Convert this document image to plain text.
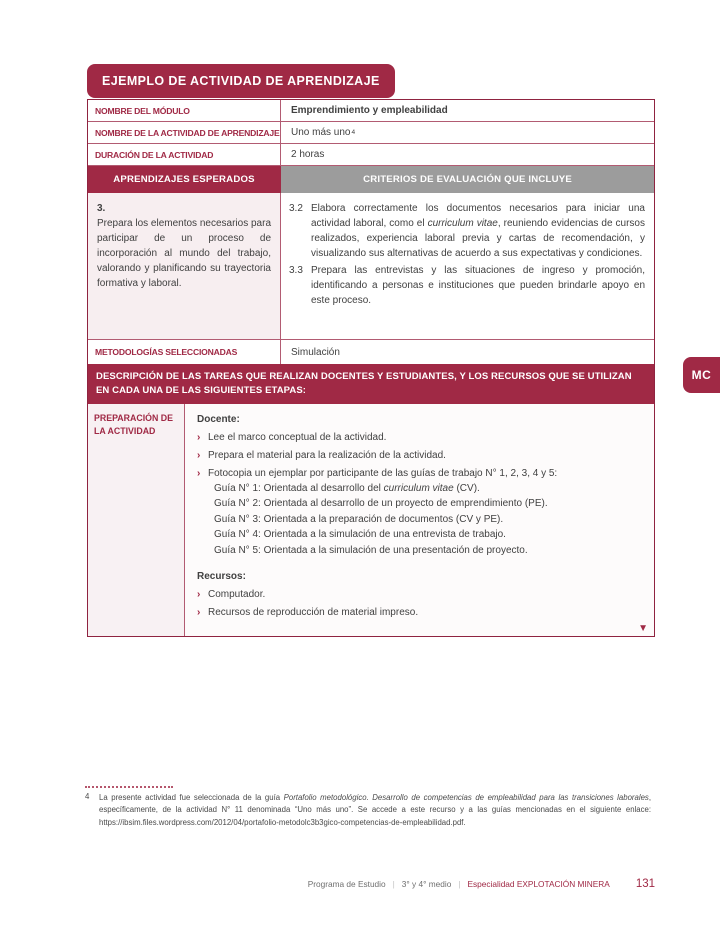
EJEMPLO DE ACTIVIDAD DE APRENDIZAJE
NOMBRE DEL MÓDULO	Emprendimiento y empleabilidad
NOMBRE DE LA ACTIVIDAD DE APRENDIZAJE Uno más uno 4
DURACIÓN DE LA ACTIVIDAD	2 horas
APRENDIZAJES ESPERADOS	CRITERIOS DE EVALUACIÓN QUE INCLUYE
3.

Prepara los elementos necesarios para participar de un proceso de incorporación al mundo del trabajo, valorando y planificando su trayectoria formativa y laboral.

3.2 Elabora correctamente los documentos necesarios para iniciar una actividad laboral, como el curriculum vitae, reuniendo evidencias de cursos realizados, experiencia laboral previa y cartas de recomendación, y visualizando sus alternativas de acuerdo a sus expectativas y condiciones.
3.3 Prepara las entrevistas y las situaciones de ingreso y promoción, identificando a personas e instituciones que pueden brindarle apoyo en este proceso.
METODOLOGÍAS SELECCIONADAS	Simulación
DESCRIPCIÓN DE LAS TAREAS QUE REALIZAN DOCENTES Y ESTUDIANTES, Y LOS RECURSOS QUE SE UTILIZAN EN CADA UNA DE LAS SIGUIENTES ETAPAS:
PREPARACIÓN DE LA ACTIVIDAD
Docente:
› Lee el marco conceptual de la actividad.
› Prepara el material para la realización de la actividad.
› Fotocopia un ejemplar por participante de las guías de trabajo N° 1, 2, 3, 4 y 5:
Guía N° 1: Orientada al desarrollo del curriculum vitae (CV).
Guía N° 2: Orientada al desarrollo de un proyecto de emprendimiento (PE).
Guía N° 3: Orientada a la preparación de documentos (CV y PE).
Guía N° 4: Orientada a la simulación de una entrevista de trabajo.
Guía N° 5: Orientada a la simulación de una presentación de proyecto.
Recursos:
› Computador.
› Recursos de reproducción de material impreso.
▼
MC
4	La presente actividad fue seleccionada de la guía Portafolio metodológico. Desarrollo de competencias de empleabilidad para las transiciones laborales, específicamente, de la actividad N° 11 denominada “Uno más uno”. Se accede a este recurso y a las guías mencionadas en el siguiente enlace: https://ibsim.files.wordpress.com/2012/04/portafolio-metodolc3b3gico-competencias-de-empleabilidad.pdf.
Programa de Estudio | 3° y 4° medio | Especialidad EXPLOTACIÓN MINERA 131
